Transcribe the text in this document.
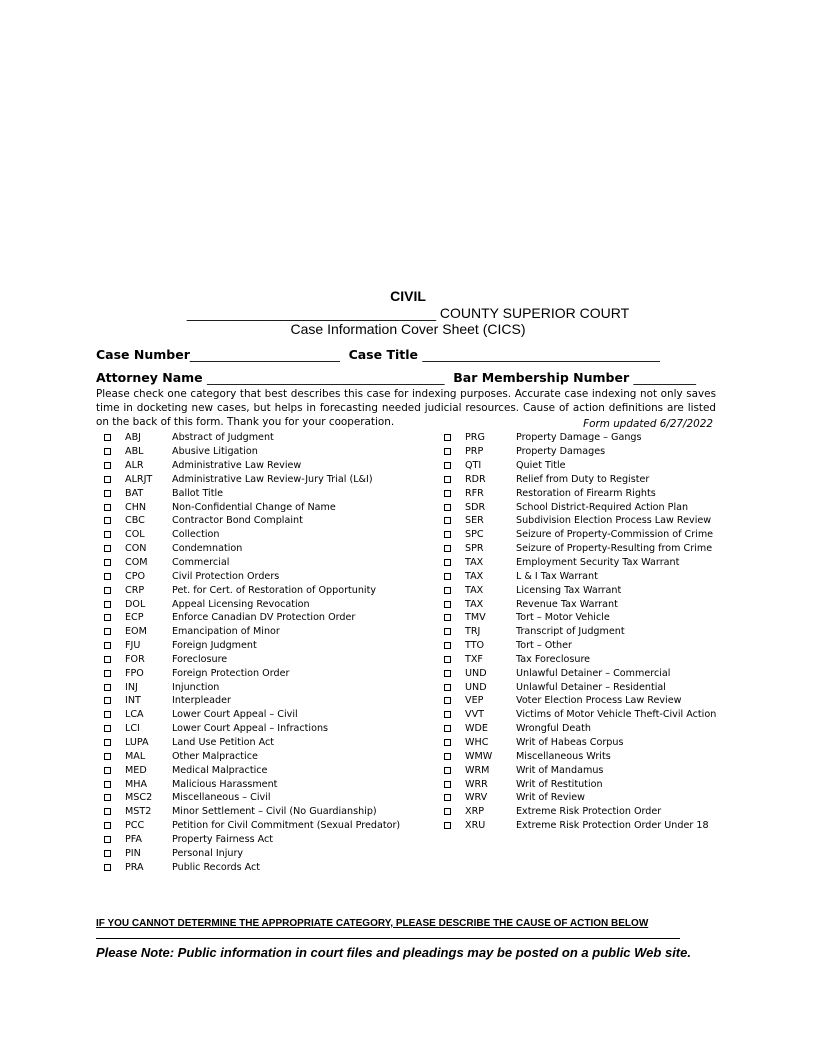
CIVIL
________________________________ COUNTY SUPERIOR COURT
Case Information Cover Sheet (CICS)
Case Number________________________ Case Title ______________________________________
Attorney Name ______________________________________ Bar Membership Number __________
Please check one category that best describes this case for indexing purposes. Accurate case indexing not only saves time in docketing new cases, but helps in forecasting needed judicial resources. Cause of action definitions are listed on the back of this form. Thank you for your cooperation.	Form updated 6/27/2022
ABJ	Abstract of Judgment
ABL	Abusive Litigation
ALR	Administrative Law Review
ALRJT	Administrative Law Review-Jury Trial (L&I)
BAT	Ballot Title
CHN	Non-Confidential Change of Name
CBC	Contractor Bond Complaint
COL	Collection
CON	Condemnation
COM	Commercial
CPO	Civil Protection Orders
CRP	Pet. for Cert. of Restoration of Opportunity
DOL	Appeal Licensing Revocation
ECP	Enforce Canadian DV Protection Order
EOM	Emancipation of Minor
FJU	Foreign Judgment
FOR	Foreclosure
FPO	Foreign Protection Order
INJ	Injunction
INT	Interpleader
LCA	Lower Court Appeal – Civil
LCI	Lower Court Appeal – Infractions
LUPA	Land Use Petition Act
MAL	Other Malpractice
MED	Medical Malpractice
MHA	Malicious Harassment
MSC2	Miscellaneous – Civil
MST2	Minor Settlement – Civil (No Guardianship)
PCC	Petition for Civil Commitment (Sexual Predator)
PFA	Property Fairness Act
PIN	Personal Injury
PRA	Public Records Act
PRG	Property Damage – Gangs
PRP	Property Damages
QTI	Quiet Title
RDR	Relief from Duty to Register
RFR	Restoration of Firearm Rights
SDR	School District-Required Action Plan
SER	Subdivision Election Process Law Review
SPC	Seizure of Property-Commission of Crime
SPR	Seizure of Property-Resulting from Crime
TAX	Employment Security Tax Warrant
TAX	L & I Tax Warrant
TAX	Licensing Tax Warrant
TAX	Revenue Tax Warrant
TMV	Tort – Motor Vehicle
TRJ	Transcript of Judgment
TTO	Tort – Other
TXF	Tax Foreclosure
UND	Unlawful Detainer – Commercial
UND	Unlawful Detainer – Residential
VEP	Voter Election Process Law Review
VVT	Victims of Motor Vehicle Theft-Civil Action
WDE	Wrongful Death
WHC	Writ of Habeas Corpus
WMW	Miscellaneous Writs
WRM	Writ of Mandamus
WRR	Writ of Restitution
WRV	Writ of Review
XRP	Extreme Risk Protection Order
XRU	Extreme Risk Protection Order Under 18
IF YOU CANNOT DETERMINE THE APPROPRIATE CATEGORY, PLEASE DESCRIBE THE CAUSE OF ACTION BELOW
Please Note: Public information in court files and pleadings may be posted on a public Web site.
